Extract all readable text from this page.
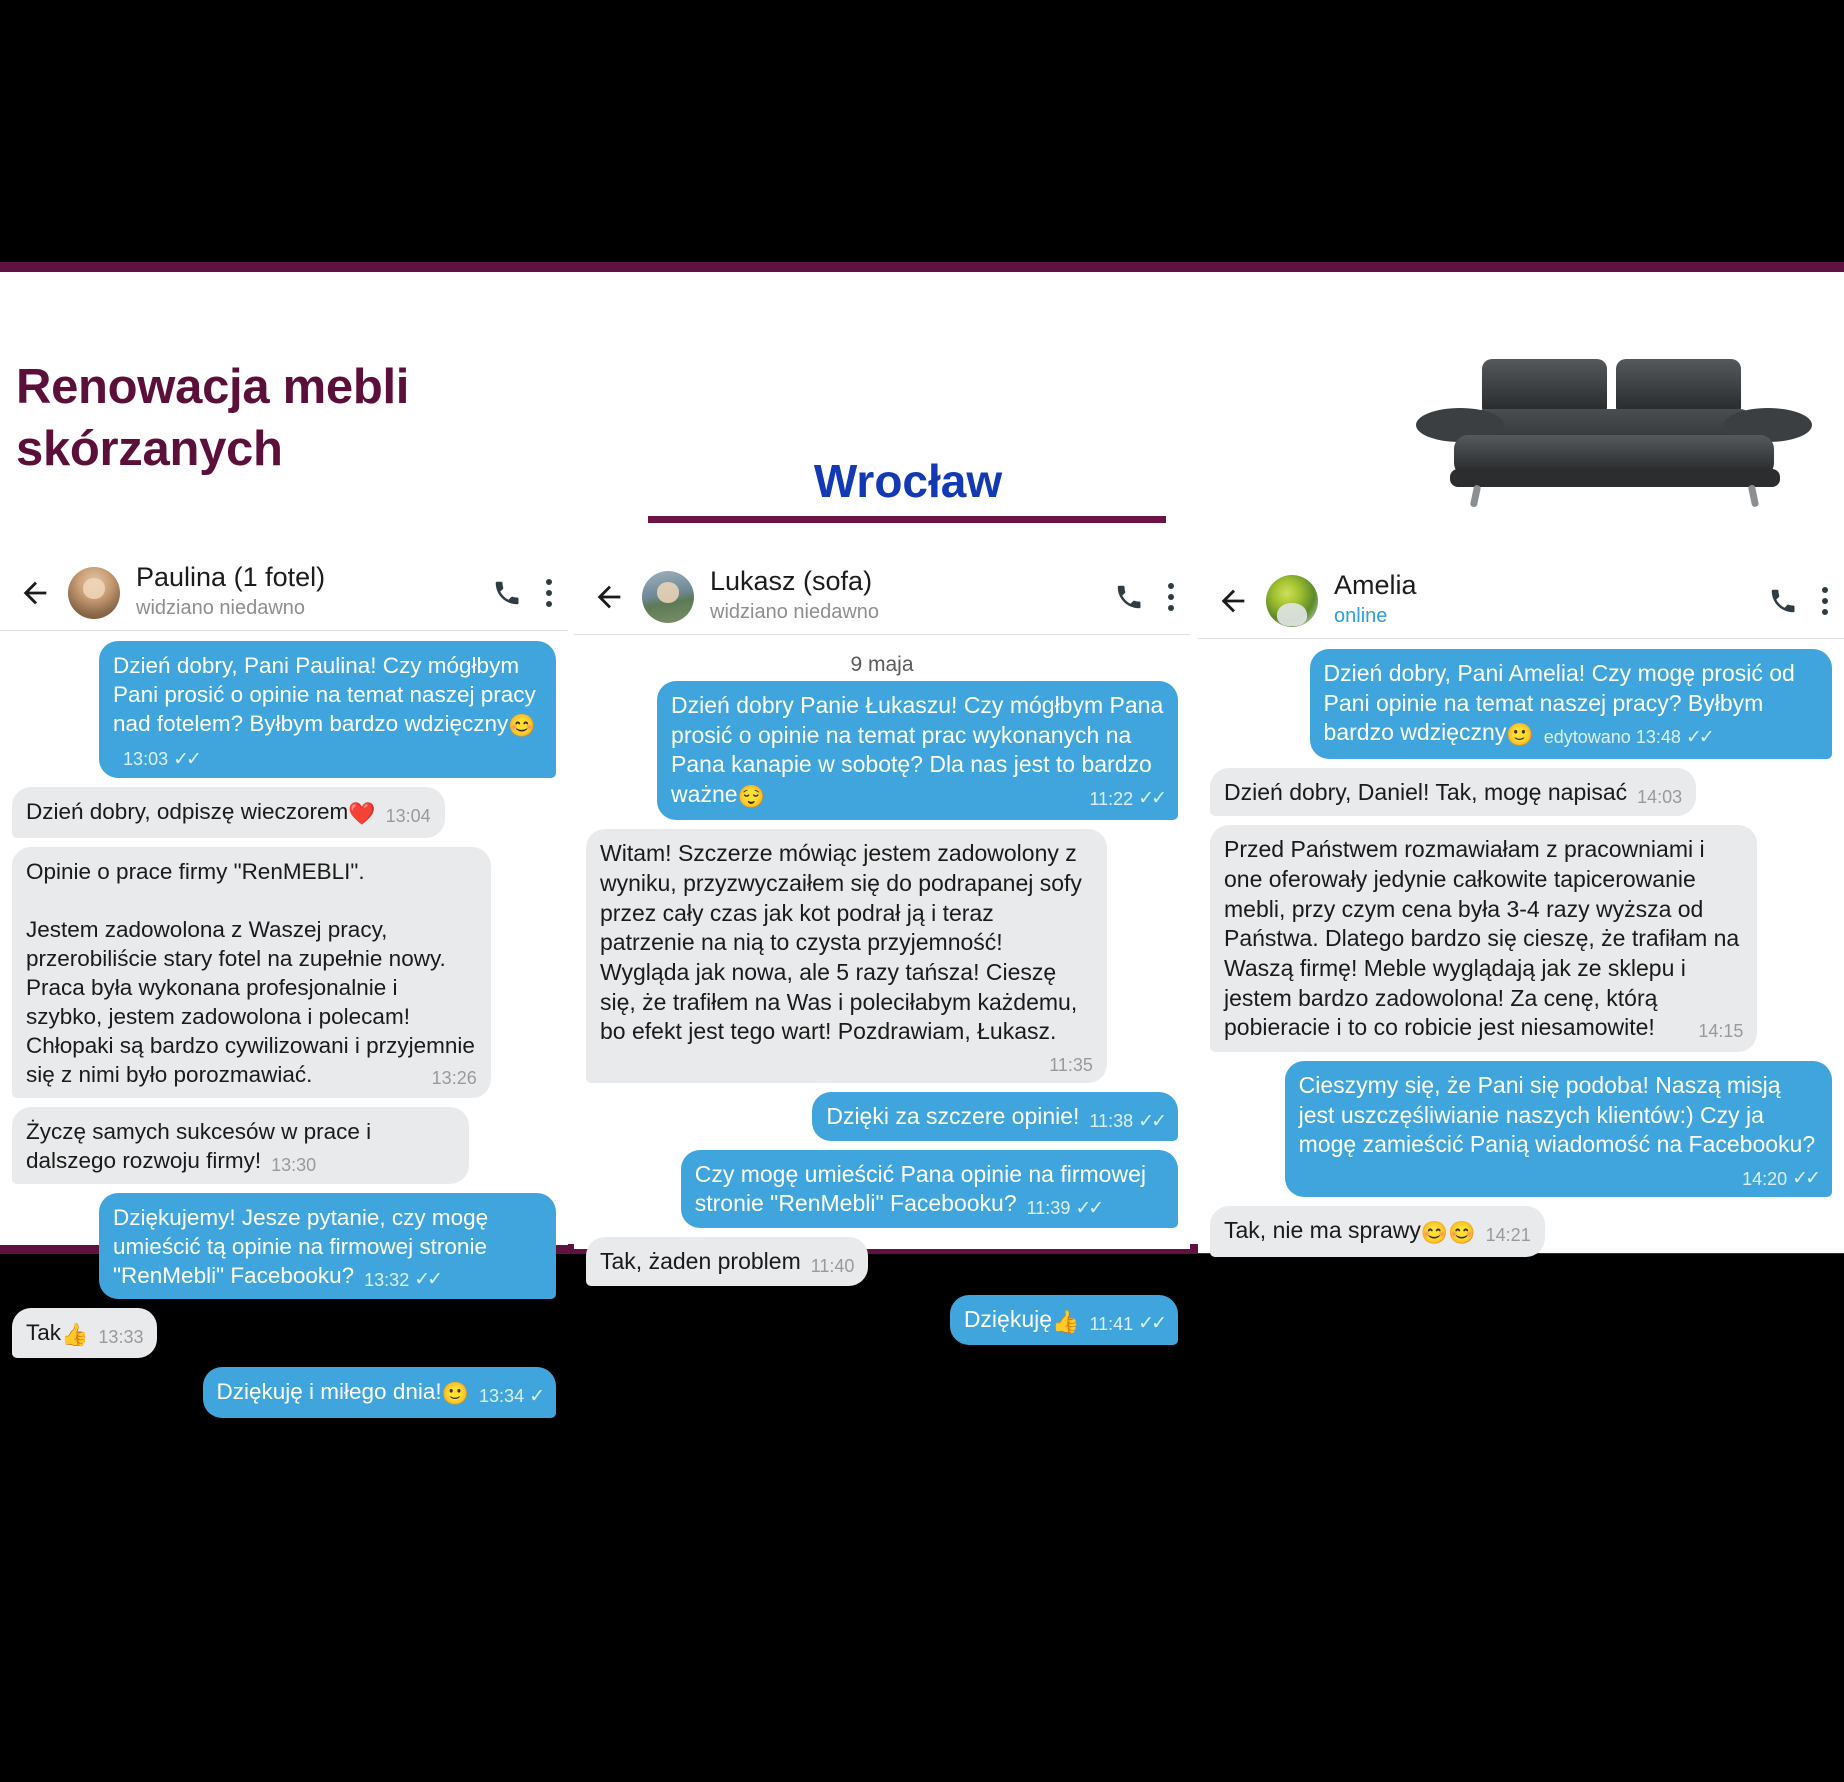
Renowacja mebli skórzanych
Wrocław
Paulina (1 fotel)
widziano niedawno
Dzień dobry, Pani Paulina! Czy mógłbym Pani prosić o opinie na temat naszej pracy nad fotelem? Byłbym bardzo wdzięczny😊
13:03 ✓✓
Dzień dobry, odpiszę wieczorem❤️ 13:04
Opinie o prace firmy "RenMEBLI".

Jestem zadowolona z Waszej pracy, przerobiliście stary fotel na zupełnie nowy. Praca była wykonana profesjonalnie i szybko, jestem zadowolona i polecam! Chłopaki są bardzo cywilizowani i przyjemnie się z nimi było porozmawiać.	13:26
Życzę samych sukcesów w prace i dalszego rozwoju firmy! 13:30
Dziękujemy! Jesze pytanie, czy mogę umieścić tą opinie na firmowej stronie "RenMebli" Facebooku? 13:32 ✓✓
Tak👍 13:33
Dziękuję i miłego dnia!🙂 13:34 ✓
Lukasz (sofa)
widziano niedawno
9 maja
Dzień dobry Panie Łukaszu! Czy mógłbym Pana prosić o opinie na temat prac wykonanych na Pana kanapie w sobotę? Dla nas jest to bardzo ważne😌	11:22 ✓✓
Witam! Szczerze mówiąc jestem zadowolony z wyniku, przyzwyczaiłem się do podrapanej sofy przez cały czas jak kot podrał ją i teraz patrzenie na nią to czysta przyjemność! Wygląda jak nowa, ale 5 razy tańsza! Cieszę się, że trafiłem na Was i poleciłabym każdemu, bo efekt jest tego wart! Pozdrawiam, Łukasz.
11:35
Dzięki za szczere opinie! 11:38 ✓✓
Czy mogę umieścić Pana opinie na firmowej stronie "RenMebli" Facebooku? 11:39 ✓✓
Tak, żaden problem 11:40
Dziękuję👍 11:41 ✓✓
Amelia
online
Dzień dobry, Pani Amelia! Czy mogę prosić od Pani opinie na temat naszej pracy? Byłbym bardzo wdzięczny🙂 edytowano 13:48 ✓✓
Dzień dobry, Daniel! Tak, mogę napisać 14:03
Przed Państwem rozmawiałam z pracowniami i one oferowały jedynie całkowite tapicerowanie mebli, przy czym cena była 3-4 razy wyższa od Państwa. Dlatego bardzo się cieszę, że trafiłam na Waszą firmę! Meble wyglądają jak ze sklepu i jestem bardzo zadowolona! Za cenę, którą pobieracie i to co robicie jest niesamowite! 14:15
Cieszymy się, że Pani się podoba! Naszą misją jest uszczęśliwianie naszych klientów:) Czy ja mogę zamieścić Panią wiadomość na Facebooku?
14:20 ✓✓
Tak, nie ma sprawy😊😊 14:21
